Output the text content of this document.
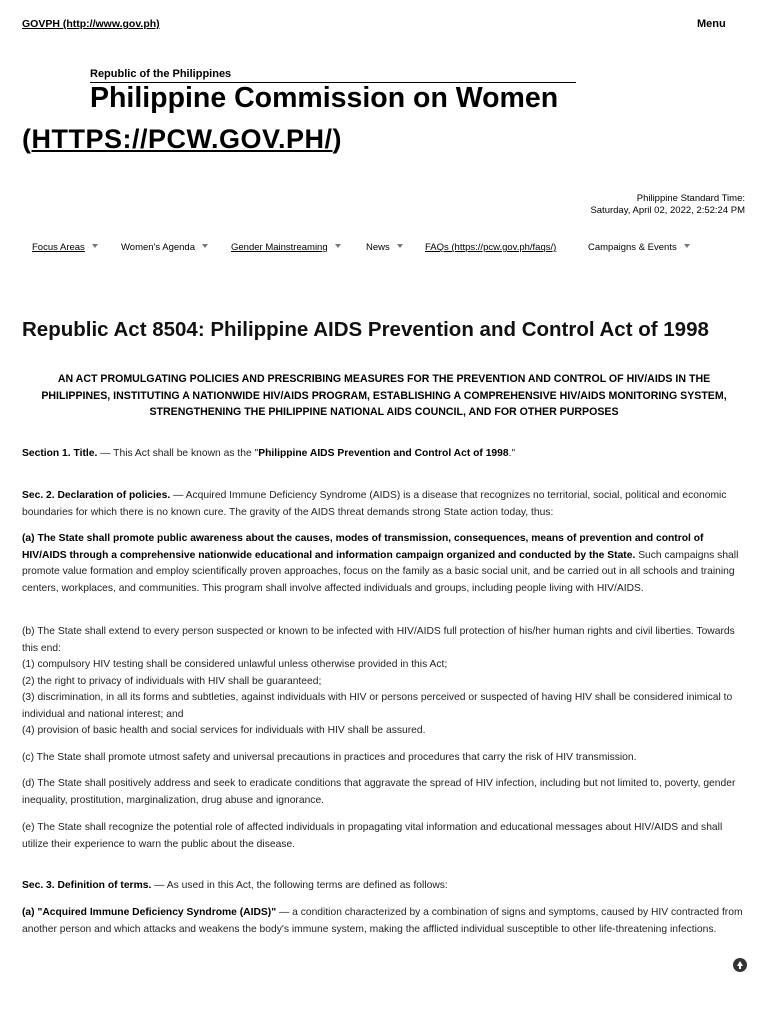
GOVPH (http://www.gov.ph)	Menu
Republic of the Philippines
Philippine Commission on Women
(HTTPS://PCW.GOV.PH/)
Philippine Standard Time:
Saturday, April 02, 2022, 2:52:24 PM
Focus Areas	Women's Agenda	Gender Mainstreaming	News	FAQs (https://pcw.gov.ph/faqs/)	Campaigns & Events
Republic Act 8504: Philippine AIDS Prevention and Control Act of 1998

AN ACT PROMULGATING POLICIES AND PRESCRIBING MEASURES FOR THE PREVENTION AND CONTROL OF HIV/AIDS IN THE PHILIPPINES, INSTITUTING A NATIONWIDE HIV/AIDS PROGRAM, ESTABLISHING A COMPREHENSIVE HIV/AIDS MONITORING SYSTEM, STRENGTHENING THE PHILIPPINE NATIONAL AIDS COUNCIL, AND FOR OTHER PURPOSES

Section 1. Title. — This Act shall be known as the "Philippine AIDS Prevention and Control Act of 1998."

Sec. 2. Declaration of policies. — Acquired Immune Deficiency Syndrome (AIDS) is a disease that recognizes no territorial, social, political and economic boundaries for which there is no known cure. The gravity of the AIDS threat demands strong State action today, thus:

(a) The State shall promote public awareness about the causes, modes of transmission, consequences, means of prevention and control of HIV/AIDS through a comprehensive nationwide educational and information campaign organized and conducted by the State. Such campaigns shall promote value formation and employ scientifically proven approaches, focus on the family as a basic social unit, and be carried out in all schools and training centers, workplaces, and communities. This program shall involve affected individuals and groups, including people living with HIV/AIDS.

(b) The State shall extend to every person suspected or known to be infected with HIV/AIDS full protection of his/her human rights and civil liberties. Towards this end:
(1) compulsory HIV testing shall be considered unlawful unless otherwise provided in this Act;
(2) the right to privacy of individuals with HIV shall be guaranteed;
(3) discrimination, in all its forms and subtleties, against individuals with HIV or persons perceived or suspected of having HIV shall be considered inimical to individual and national interest; and
(4) provision of basic health and social services for individuals with HIV shall be assured.

(c) The State shall promote utmost safety and universal precautions in practices and procedures that carry the risk of HIV transmission.

(d) The State shall positively address and seek to eradicate conditions that aggravate the spread of HIV infection, including but not limited to, poverty, gender inequality, prostitution, marginalization, drug abuse and ignorance.

(e) The State shall recognize the potential role of affected individuals in propagating vital information and educational messages about HIV/AIDS and shall utilize their experience to warn the public about the disease.

Sec. 3. Definition of terms. — As used in this Act, the following terms are defined as follows:

(a) "Acquired Immune Deficiency Syndrome (AIDS)" — a condition characterized by a combination of signs and symptoms, caused by HIV contracted from another person and which attacks and weakens the body's immune system, making the afflicted individual susceptible to other life-threatening infections.
